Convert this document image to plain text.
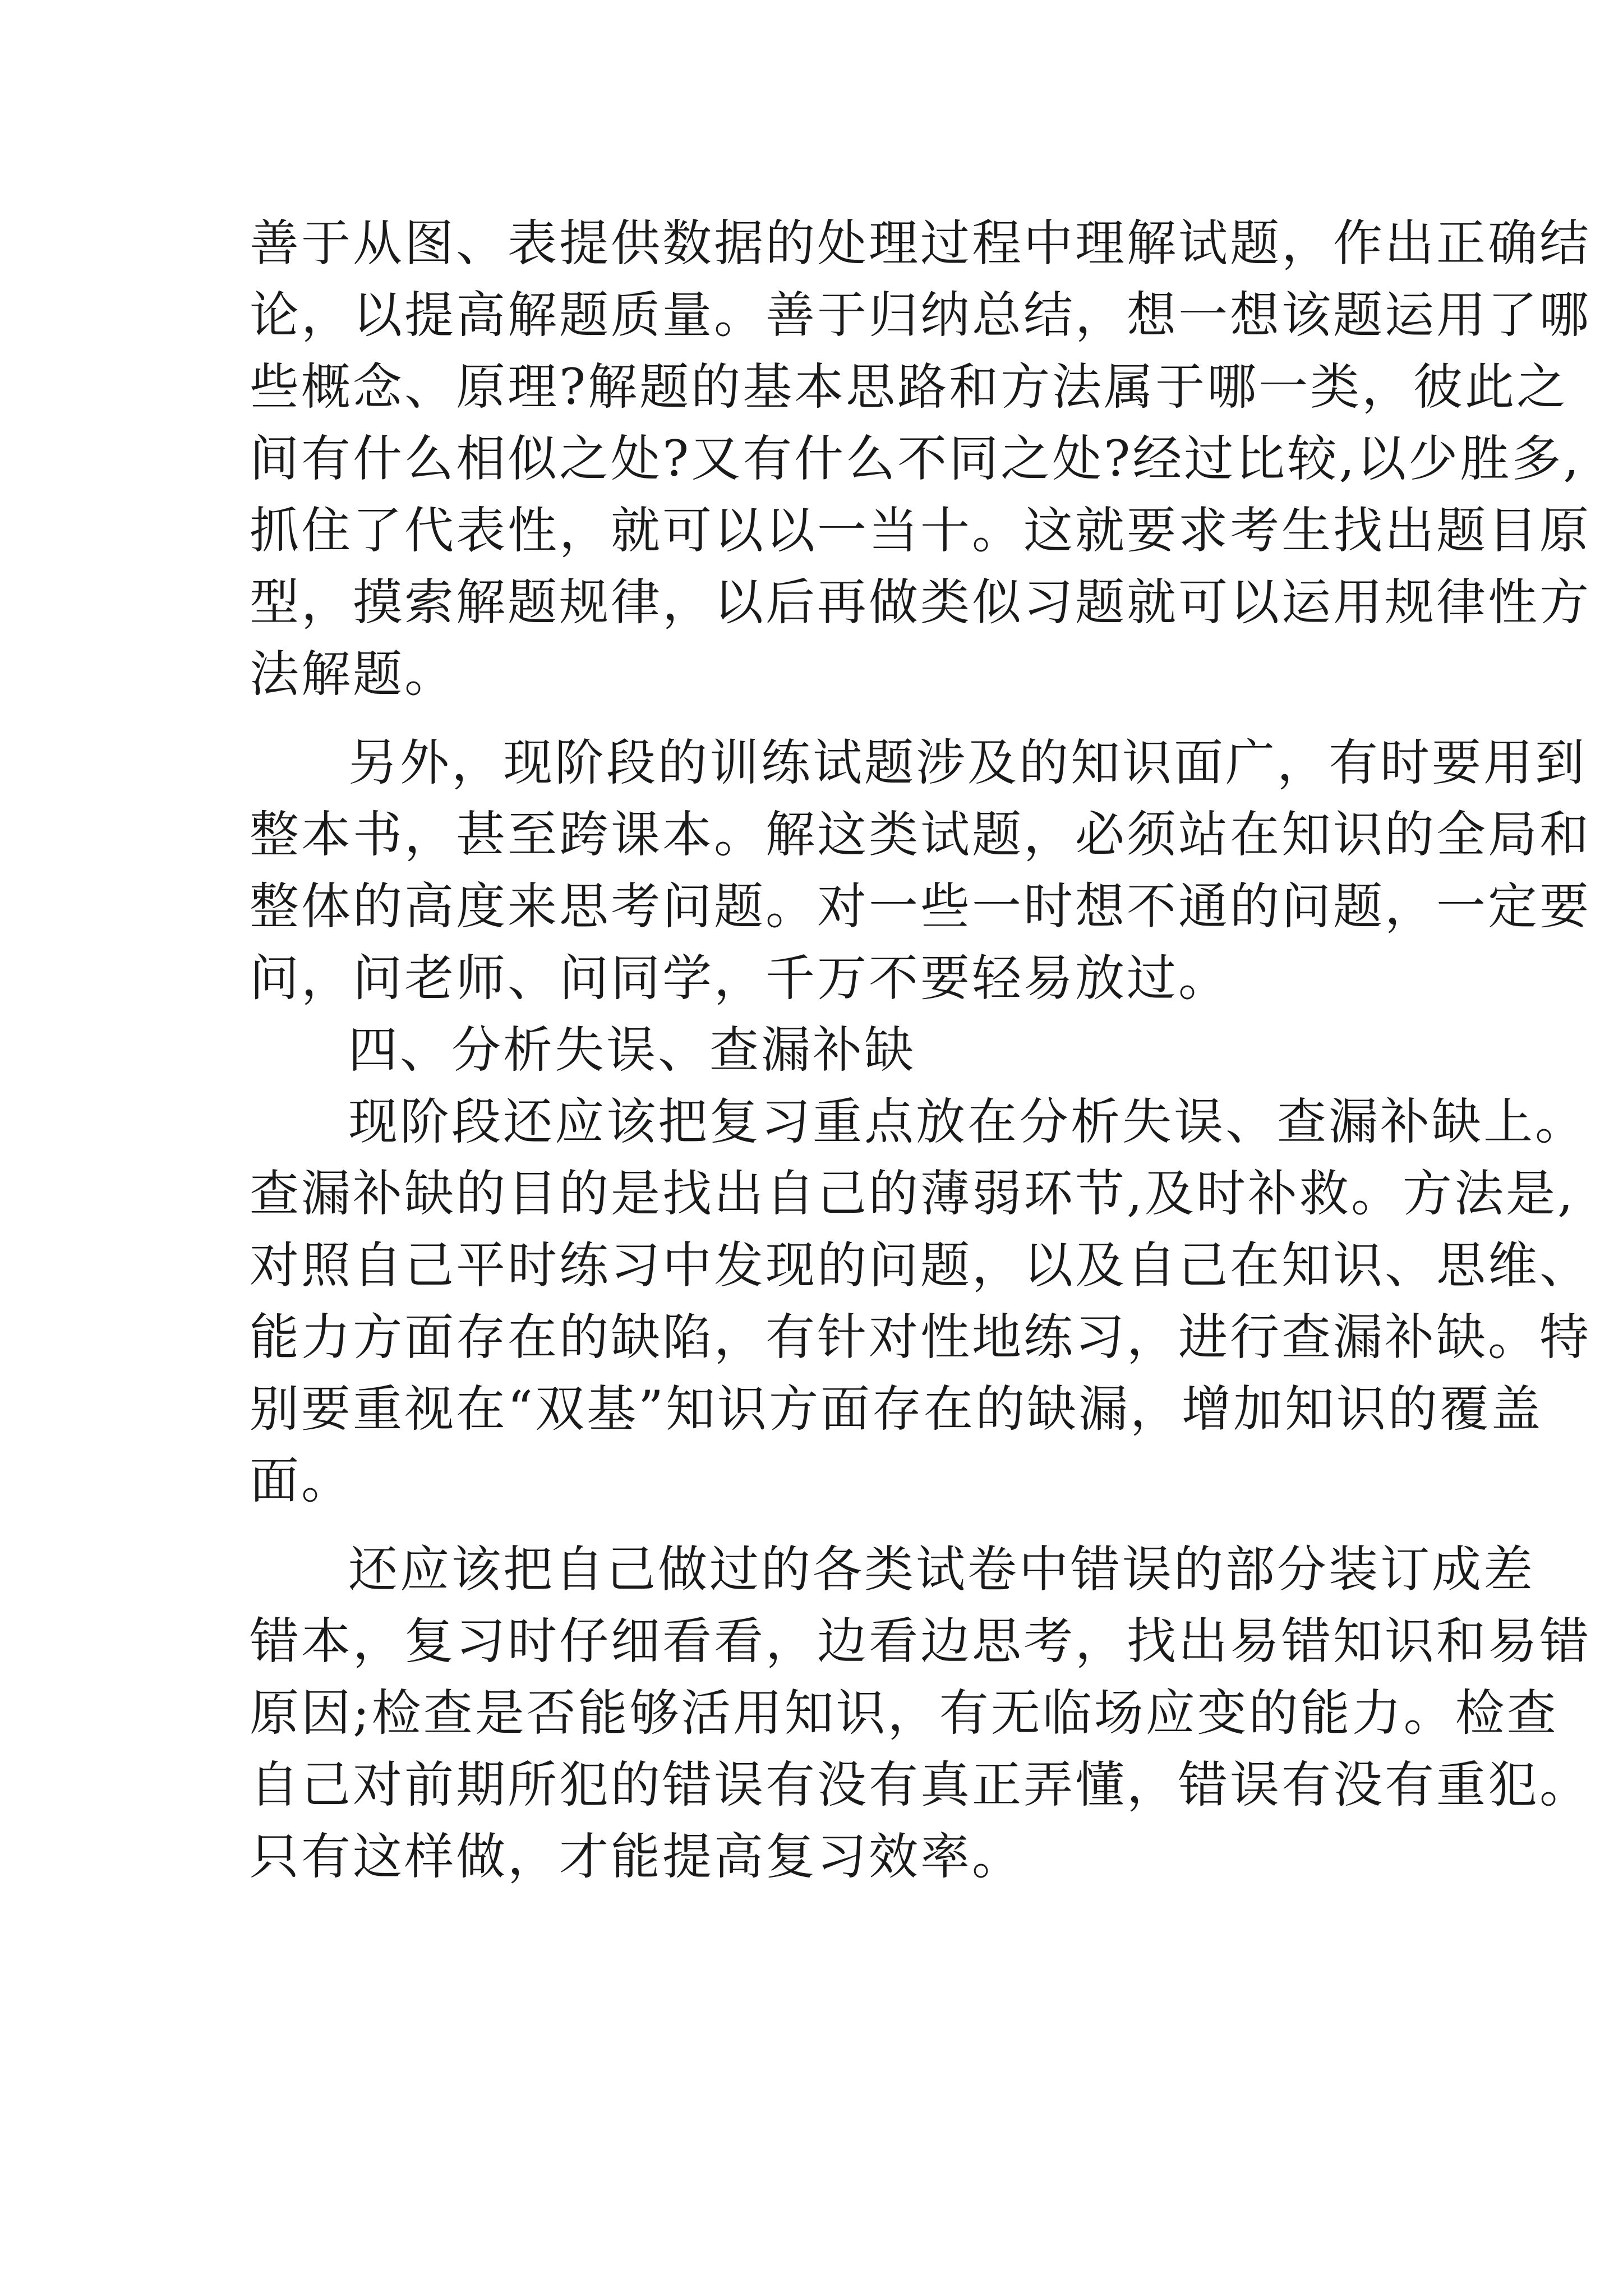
善于从图、表提供数据的处理过程中理解试题，作出正确结
论，以提高解题质量。善于归纳总结，想一想该题运用了哪
些概念、原理?解题的基本思路和方法属于哪一类，彼此之
间有什么相似之处?又有什么不同之处?经过比较,以少胜多,
抓住了代表性，就可以以一当十。这就要求考生找出题目原
型，摸索解题规律，以后再做类似习题就可以运用规律性方
法解题。
另外，现阶段的训练试题涉及的知识面广，有时要用到
整本书，甚至跨课本。解这类试题，必须站在知识的全局和
整体的高度来思考问题。对一些一时想不通的问题，一定要
问，问老师、问同学，千万不要轻易放过。
四、分析失误、查漏补缺
现阶段还应该把复习重点放在分析失误、查漏补缺上。
查漏补缺的目的是找出自己的薄弱环节,及时补救。方法是,
对照自己平时练习中发现的问题，以及自己在知识、思维、
能力方面存在的缺陷，有针对性地练习，进行查漏补缺。特
别要重视在“双基”知识方面存在的缺漏，增加知识的覆盖
面。
还应该把自己做过的各类试卷中错误的部分装订成差
错本，复习时仔细看看，边看边思考，找出易错知识和易错
原因;检查是否能够活用知识，有无临场应变的能力。检查
自己对前期所犯的错误有没有真正弄懂，错误有没有重犯。
只有这样做，才能提高复习效率。
